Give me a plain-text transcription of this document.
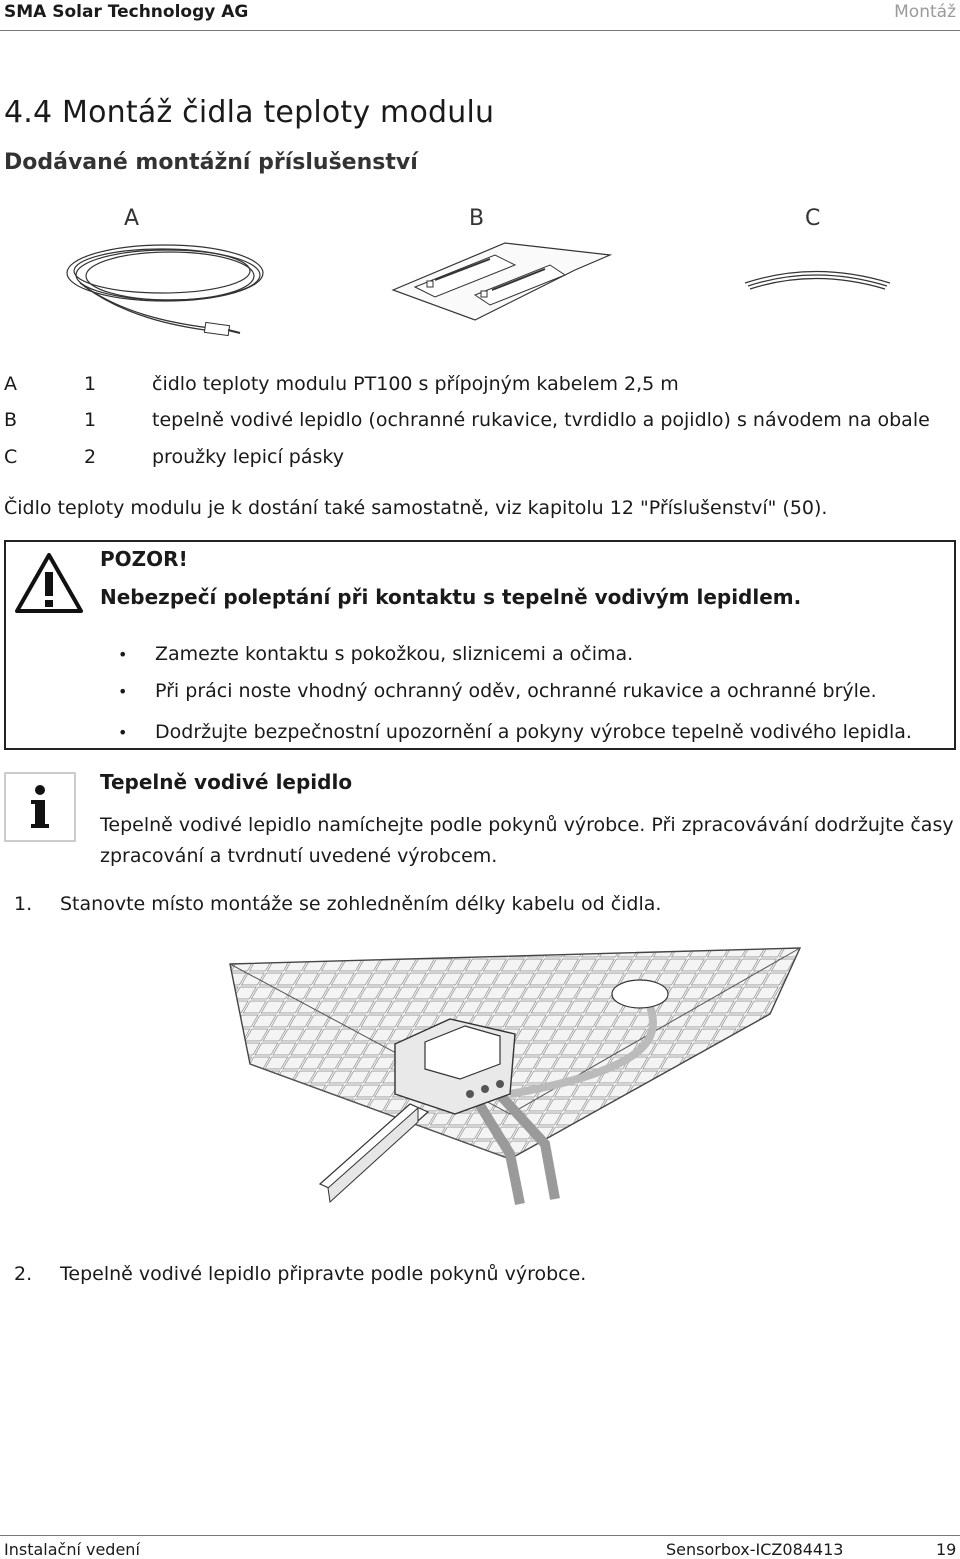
SMA Solar Technology AG	Montáž
4.4 Montáž čidla teploty modulu
Dodávané montážní příslušenství
A	B	C
A	1	čidlo teploty modulu PT100 s přípojným kabelem 2,5 m
B	1	tepelně vodivé lepidlo (ochranné rukavice, tvrdidlo a pojidlo) s návodem na obale
C	2	proužky lepicí pásky
Čidlo teploty modulu je k dostání také samostatně, viz kapitolu 12 "Příslušenství" (50).
POZOR!
Nebezpečí poleptání při kontaktu s tepelně vodivým lepidlem.
• Zamezte kontaktu s pokožkou, sliznicemi a očima.
• Při práci noste vhodný ochranný oděv, ochranné rukavice a ochranné brýle.
• Dodržujte bezpečnostní upozornění a pokyny výrobce tepelně vodivého lepidla.
Tepelně vodivé lepidlo
Tepelně vodivé lepidlo namíchejte podle pokynů výrobce. Při zpracovávání dodržujte časy zpracování a tvrdnutí uvedené výrobcem.
1. Stanovte místo montáže se zohledněním délky kabelu od čidla.
2. Tepelně vodivé lepidlo připravte podle pokynů výrobce.
Instalační vedení	Sensorbox-ICZ084413	19
